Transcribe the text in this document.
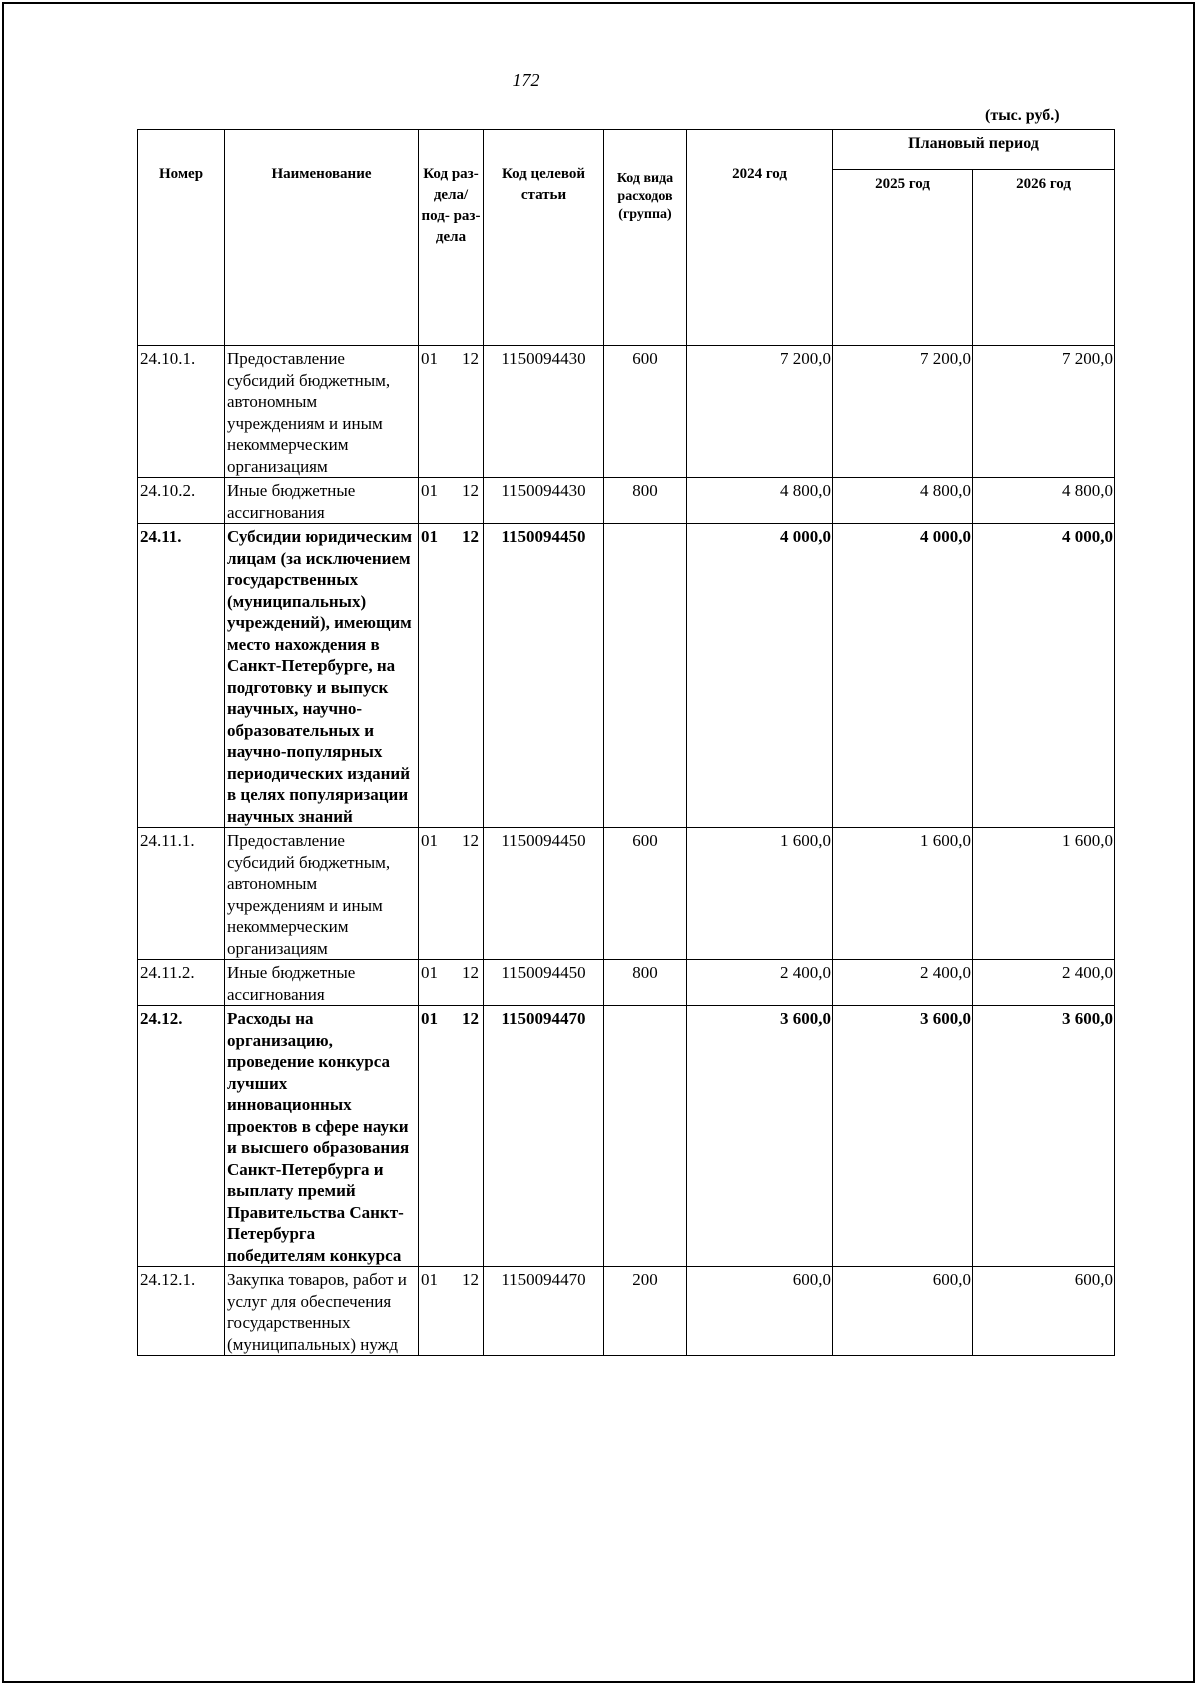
172
(тыс. руб.)
Номер	Наименование	Код раз- дела/ под- раз- дела	Код целевой статьи	Код вида расходов (группа)	2024 год	Плановый период	
						2025 год	2026 год
24.10.1.	Предоставление субсидий бюджетным, автономным учреждениям и иным некоммерческим организациям	01 12	1150094430	600	7 200,0	7 200,0	7 200,0
24.10.2.	Иные бюджетные ассигнования	01 12	1150094430	800	4 800,0	4 800,0	4 800,0
24.11.	Субсидии юридическим лицам (за исключением государственных (муниципальных) учреждений), имеющим место нахождения в Санкт-Петербурге, на подготовку и выпуск научных, научно-образовательных и научно-популярных периодических изданий в целях популяризации научных знаний	01 12	1150094450		4 000,0	4 000,0	4 000,0
24.11.1.	Предоставление субсидий бюджетным, автономным учреждениям и иным некоммерческим организациям	01 12	1150094450	600	1 600,0	1 600,0	1 600,0
24.11.2.	Иные бюджетные ассигнования	01 12	1150094450	800	2 400,0	2 400,0	2 400,0
24.12.	Расходы на организацию, проведение конкурса лучших инновационных проектов в сфере науки и высшего образования Санкт-Петербурга и выплату премий Правительства Санкт-Петербурга победителям конкурса	01 12	1150094470		3 600,0	3 600,0	3 600,0
24.12.1.	Закупка товаров, работ и услуг для обеспечения государственных (муниципальных) нужд	01 12	1150094470	200	600,0	600,0	600,0
